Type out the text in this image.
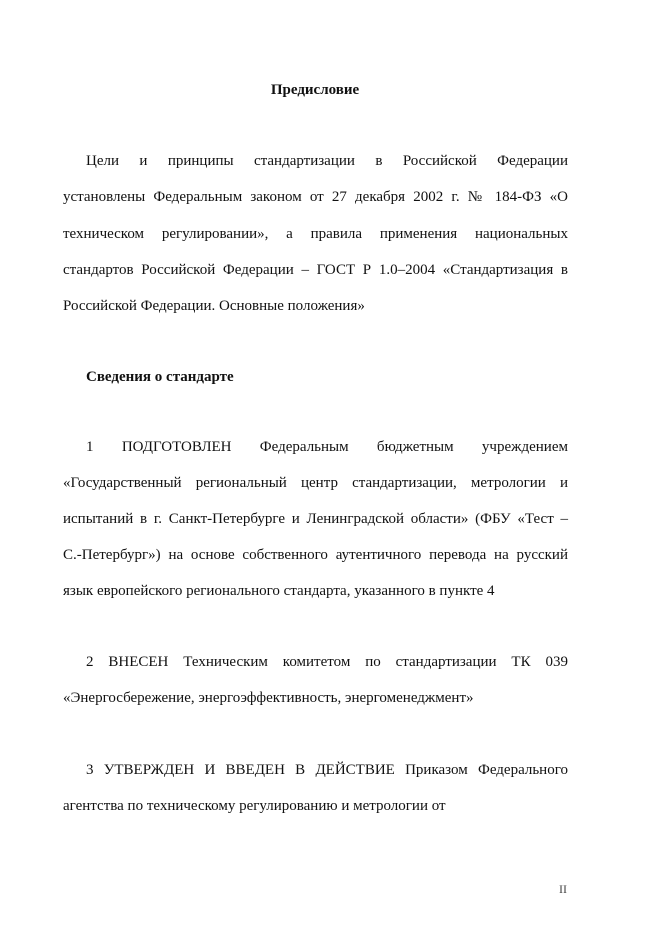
Предисловие
Цели и принципы стандартизации в Российской Федерации
установлены Федеральным законом от 27 декабря 2002 г. № 184-ФЗ «О
техническом регулировании», а правила применения национальных
стандартов Российской Федерации – ГОСТ Р 1.0–2004 «Стандартизация в
Российской Федерации. Основные положения»
Сведения о стандарте
1 ПОДГОТОВЛЕН Федеральным бюджетным учреждением
«Государственный региональный центр стандартизации, метрологии и
испытаний в г. Санкт-Петербурге и Ленинградской области» (ФБУ «Тест –
С.-Петербург») на основе собственного аутентичного перевода на русский
язык европейского регионального стандарта, указанного в пункте 4
2 ВНЕСЕН Техническим комитетом по стандартизации ТК 039
«Энергосбережение, энергоэффективность, энергоменеджмент»
3 УТВЕРЖДЕН И ВВЕДЕН В ДЕЙСТВИЕ Приказом Федерального
агентства по техническому регулированию и метрологии от
II
